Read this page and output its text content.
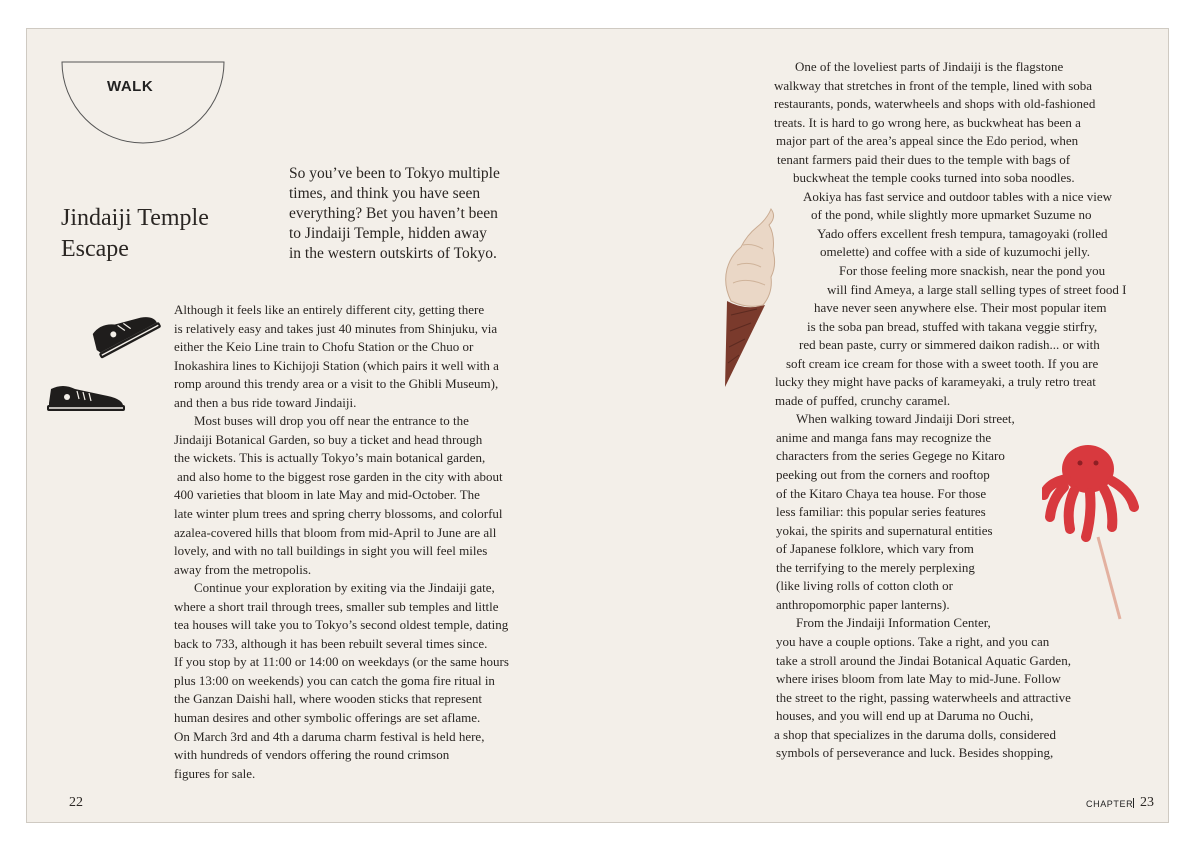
WALK
Jindaiji Temple
Escape
So you’ve been to Tokyo multiple
times, and think you have seen
everything? Bet you haven’t been
to Jindaiji Temple, hidden away
in the western outskirts of Tokyo.
Although it feels like an entirely different city, getting there
is relatively easy and takes just 40 minutes from Shinjuku, via
either the Keio Line train to Chofu Station or the Chuo or
Inokashira lines to Kichijoji Station (which pairs it well with a
romp around this trendy area or a visit to the Ghibli Museum),
and then a bus ride toward Jindaiji.
Most buses will drop you off near the entrance to the
Jindaiji Botanical Garden, so buy a ticket and head through
the wickets. This is actually Tokyo’s main botanical garden,
and also home to the biggest rose garden in the city with about
400 varieties that bloom in late May and mid-October. The
late winter plum trees and spring cherry blossoms, and colorful
azalea-covered hills that bloom from mid-April to June are all
lovely, and with no tall buildings in sight you will feel miles
away from the metropolis.
Continue your exploration by exiting via the Jindaiji gate,
where a short trail through trees, smaller sub temples and little
tea houses will take you to Tokyo’s second oldest temple, dating
back to 733, although it has been rebuilt several times since.
If you stop by at 11:00 or 14:00 on weekdays (or the same hours
plus 13:00 on weekends) you can catch the goma fire ritual in
the Ganzan Daishi hall, where wooden sticks that represent
human desires and other symbolic offerings are set aflame.
On March 3rd and 4th a daruma charm festival is held here,
with hundreds of vendors offering the round crimson
figures for sale.
22
One of the loveliest parts of Jindaiji is the flagstone
walkway that stretches in front of the temple, lined with soba
restaurants, ponds, waterwheels and shops with old-fashioned
treats. It is hard to go wrong here, as buckwheat has been a
major part of the area’s appeal since the Edo period, when
tenant farmers paid their dues to the temple with bags of
buckwheat the temple cooks turned into soba noodles.
Aokiya has fast service and outdoor tables with a nice view
of the pond, while slightly more upmarket Suzume no
Yado offers excellent fresh tempura, tamagoyaki (rolled
omelette) and coffee with a side of kuzumochi jelly.
For those feeling more snackish, near the pond you
will find Ameya, a large stall selling types of street food I
have never seen anywhere else. Their most popular item
is the soba pan bread, stuffed with takana veggie stirfry,
red bean paste, curry or simmered daikon radish... or with
soft cream ice cream for those with a sweet tooth. If you are
lucky they might have packs of karameyaki, a truly retro treat
made of puffed, crunchy caramel.
When walking toward Jindaiji Dori street,
anime and manga fans may recognize the
characters from the series Gegege no Kitaro
peeking out from the corners and rooftop
of the Kitaro Chaya tea house. For those
less familiar: this popular series features
yokai, the spirits and supernatural entities
of Japanese folklore, which vary from
the terrifying to the merely perplexing
(like living rolls of cotton cloth or
anthropomorphic paper lanterns).
From the Jindaiji Information Center,
you have a couple options. Take a right, and you can
take a stroll around the Jindai Botanical Aquatic Garden,
where irises bloom from late May to mid-June. Follow
the street to the right, passing waterwheels and attractive
houses, and you will end up at Daruma no Ouchi,
a shop that specializes in the daruma dolls, considered
symbols of perseverance and luck. Besides shopping,
CHAPTER 23
